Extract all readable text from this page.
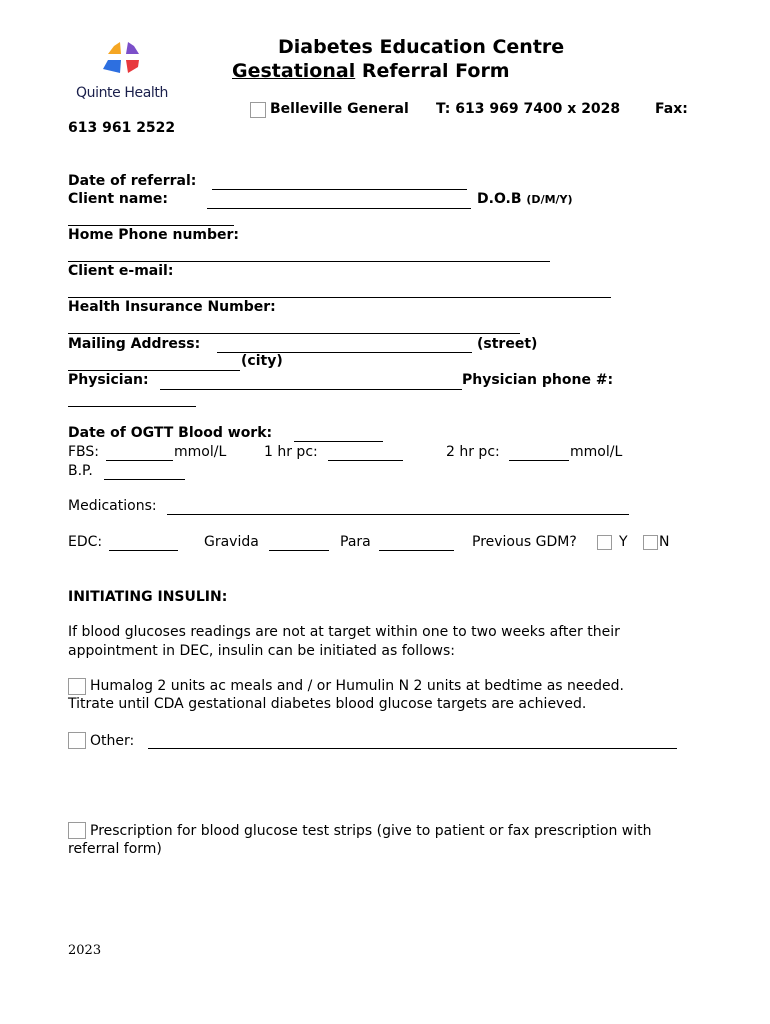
Quinte Health
Diabetes Education Centre
Gestational Referral Form
Belleville General T: 613 969 7400 x 2028 Fax:
613 961 2522
Date of referral:
Client name:	D.O.B (D/M/Y)
Home Phone number:
Client e-mail:
Health Insurance Number:
Mailing Address:	(street)
(city)
Physician:	Physician phone #:
Date of OGTT Blood work:
FBS:	mmol/L	1 hr pc:	2 hr pc:	mmol/L
B.P.
Medications:
EDC:	Gravida	Para	Previous GDM?	Y N
INITIATING INSULIN:
If blood glucoses readings are not at target within one to two weeks after their
appointment in DEC, insulin can be initiated as follows:
Humalog 2 units ac meals and / or Humulin N 2 units at bedtime as needed.
Titrate until CDA gestational diabetes blood glucose targets are achieved.
Other:
Prescription for blood glucose test strips (give to patient or fax prescription with
referral form)
2023
